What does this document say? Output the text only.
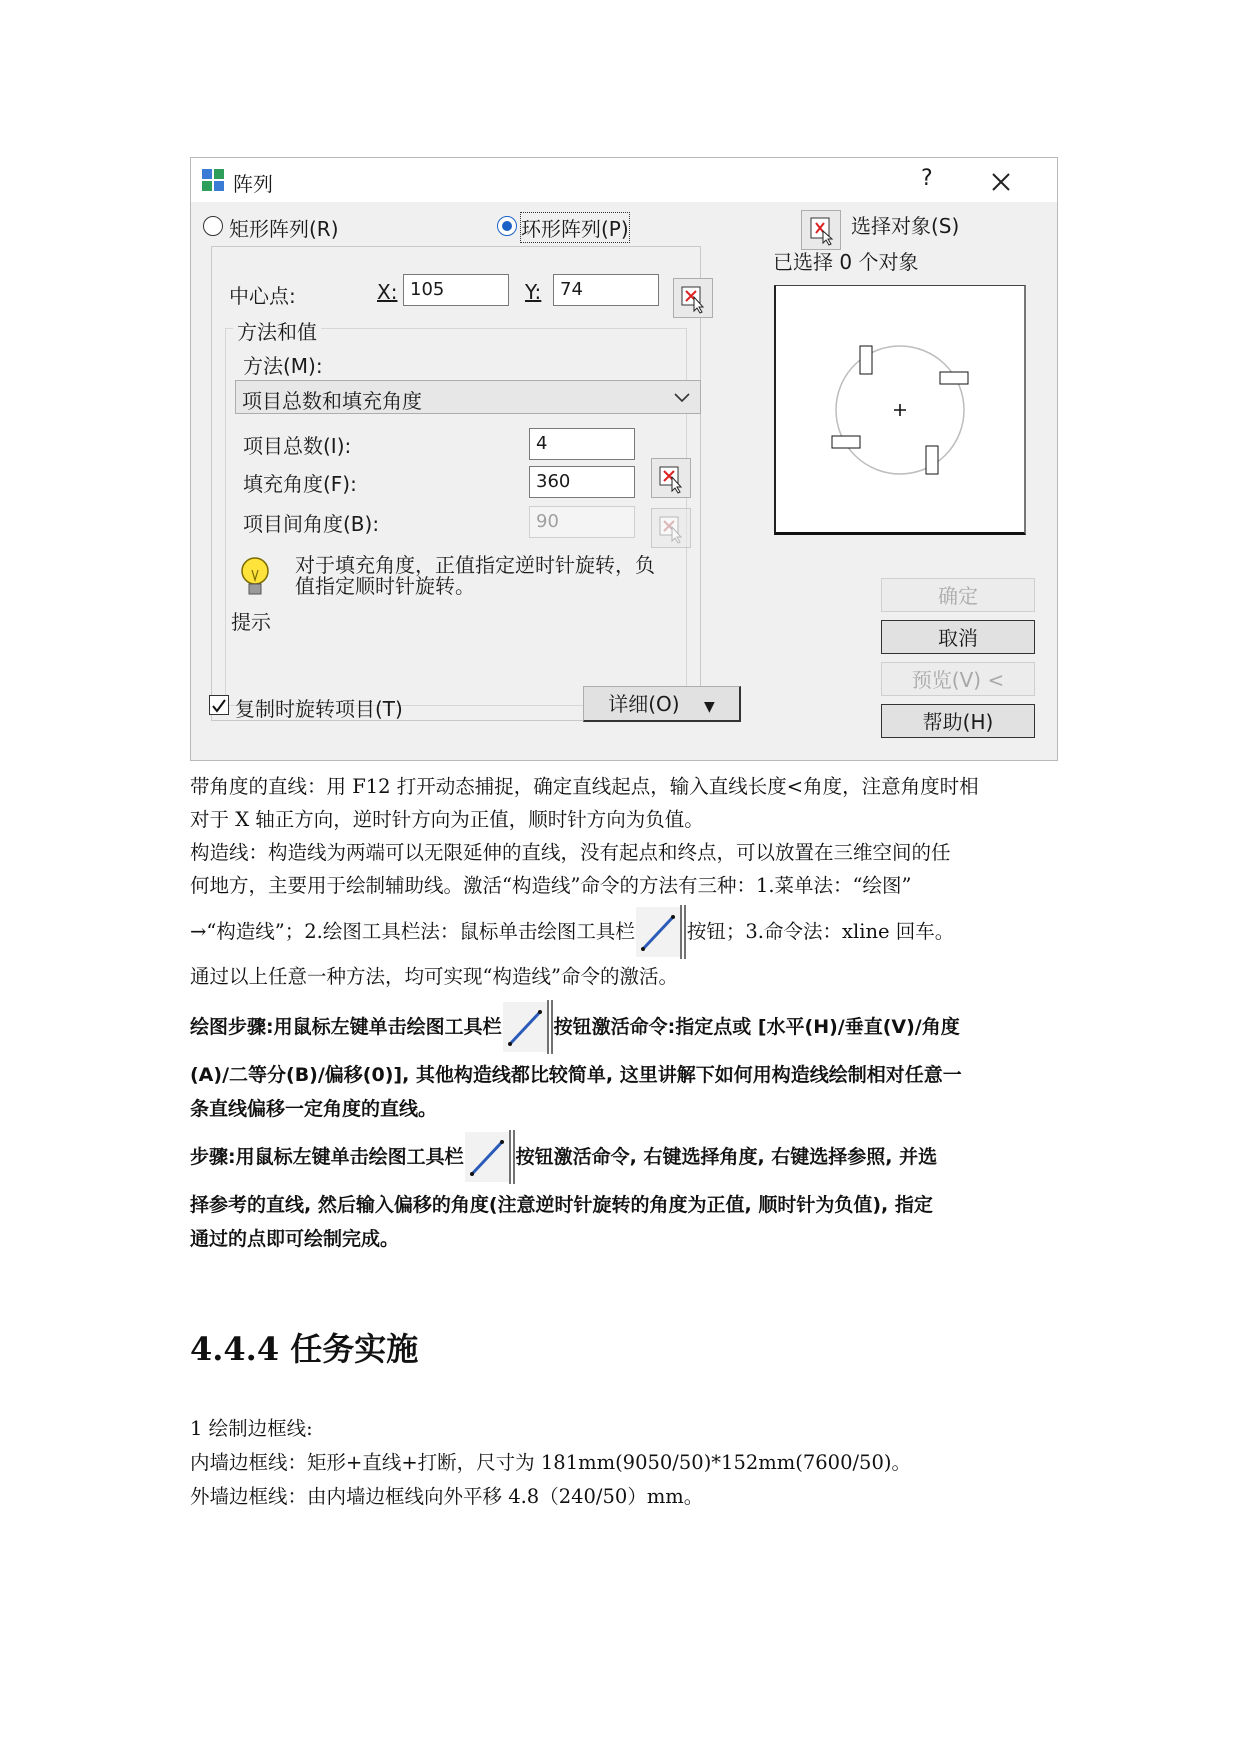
阵列	?
矩形阵列(R)	环形阵列(P)	选择对象(S)
已选择 0 个对象
中心点:	X: 105	Y:	74
方法和值
方法(M):
项目总数和填充角度
项目总数(I):	4
填充角度(F):	360
项目间角度(B):	90
对于填充角度，正值指定逆时针旋转，负
值指定顺时针旋转。
提示
复制时旋转项目(T)	详细(O) ▼
确定
取消
预览(V) <
帮助(H)
带角度的直线：用 F12 打开动态捕捉，确定直线起点，输入直线长度<角度，注意角度时相
对于 X 轴正方向，逆时针方向为正值，顺时针方向为负值。
构造线：构造线为两端可以无限延伸的直线，没有起点和终点，可以放置在三维空间的任
何地方，主要用于绘制辅助线。激活“构造线”命令的方法有三种：1.菜单法：“绘图”
→“构造线”；2.绘图工具栏法：鼠标单击绘图工具栏	按钮；3.命令法：xline 回车。
通过以上任意一种方法，均可实现“构造线”命令的激活。
绘图步骤:用鼠标左键单击绘图工具栏	按钮激活命令:指定点或 [水平(H)/垂直(V)/角度
(A)/二等分(B)/偏移(0)], 其他构造线都比较简单, 这里讲解下如何用构造线绘制相对任意一
条直线偏移一定角度的直线。
步骤:用鼠标左键单击绘图工具栏	按钮激活命令, 右键选择角度, 右键选择参照, 并选
择参考的直线, 然后输入偏移的角度(注意逆时针旋转的角度为正值, 顺时针为负值), 指定
通过的点即可绘制完成。
4.4.4 任务实施
1 绘制边框线:
内墙边框线：矩形+直线+打断，尺寸为 181mm(9050/50)*152mm(7600/50)。
外墙边框线：由内墙边框线向外平移 4.8（240/50）mm。
